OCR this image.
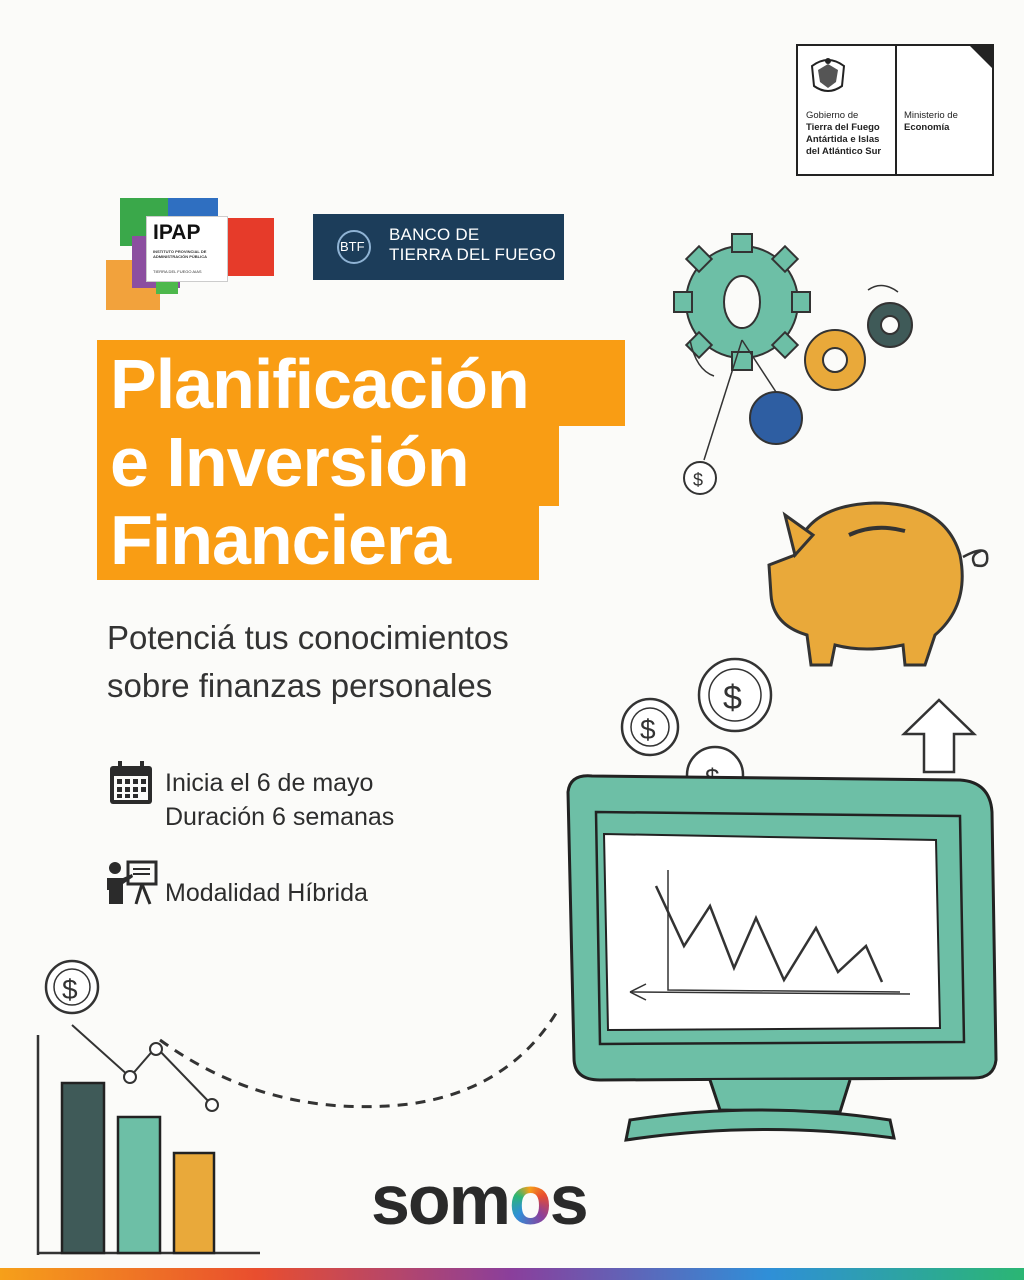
Gobierno de
Tierra del Fuego
Antártida e Islas
del Atlántico Sur
Ministerio de
Economía
IPAP
INSTITUTO PROVINCIAL DE ADMINISTRACIÓN PÚBLICA
TIERRA DEL FUEGO AIAS
BTF
BANCO DE
TIERRA DEL FUEGO
Planificación
e Inversión
Financiera
Potenciá tus conocimientos
sobre finanzas personales
Inicia el 6 de mayo
Duración 6 semanas
Modalidad Híbrida
$
$
$
$
somos
